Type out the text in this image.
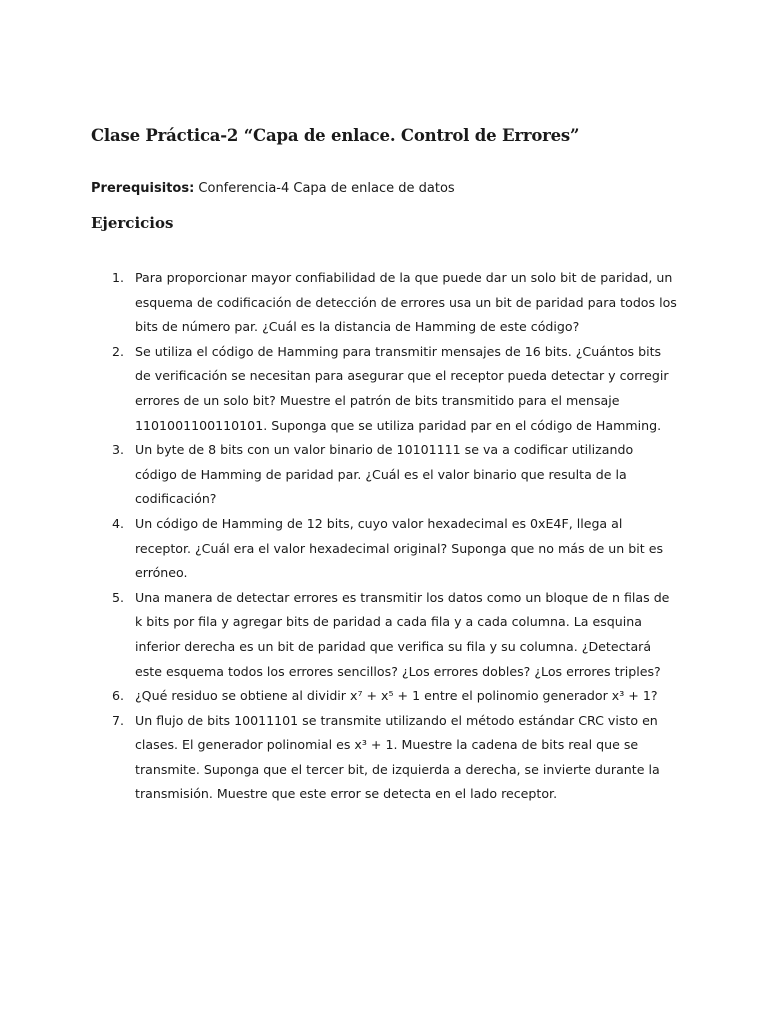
Clase Práctica-2 “Capa de enlace. Control de Errores”

Prerequisitos: Conferencia-4 Capa de enlace de datos

Ejercicios
1. Para proporcionar mayor confiabilidad de la que puede dar un solo bit de paridad, un esquema de codificación de detección de errores usa un bit de paridad para todos los bits de número par. ¿Cuál es la distancia de Hamming de este código?
2. Se utiliza el código de Hamming para transmitir mensajes de 16 bits. ¿Cuántos bits de verificación se necesitan para asegurar que el receptor pueda detectar y corregir errores de un solo bit? Muestre el patrón de bits transmitido para el mensaje 1101001100110101. Suponga que se utiliza paridad par en el código de Hamming.
3. Un byte de 8 bits con un valor binario de 10101111 se va a codificar utilizando código de Hamming de paridad par. ¿Cuál es el valor binario que resulta de la codificación?
4. Un código de Hamming de 12 bits, cuyo valor hexadecimal es 0xE4F, llega al receptor. ¿Cuál era el valor hexadecimal original? Suponga que no más de un bit es erróneo.
5. Una manera de detectar errores es transmitir los datos como un bloque de n filas de k bits por fila y agregar bits de paridad a cada fila y a cada columna. La esquina inferior derecha es un bit de paridad que verifica su fila y su columna. ¿Detectará este esquema todos los errores sencillos? ¿Los errores dobles? ¿Los errores triples?
6. ¿Qué residuo se obtiene al dividir x⁷ + x⁵ + 1 entre el polinomio generador x³ + 1?
7. Un flujo de bits 10011101 se transmite utilizando el método estándar CRC visto en clases. El generador polinomial es x³ + 1. Muestre la cadena de bits real que se transmite. Suponga que el tercer bit, de izquierda a derecha, se invierte durante la transmisión. Muestre que este error se detecta en el lado receptor.
